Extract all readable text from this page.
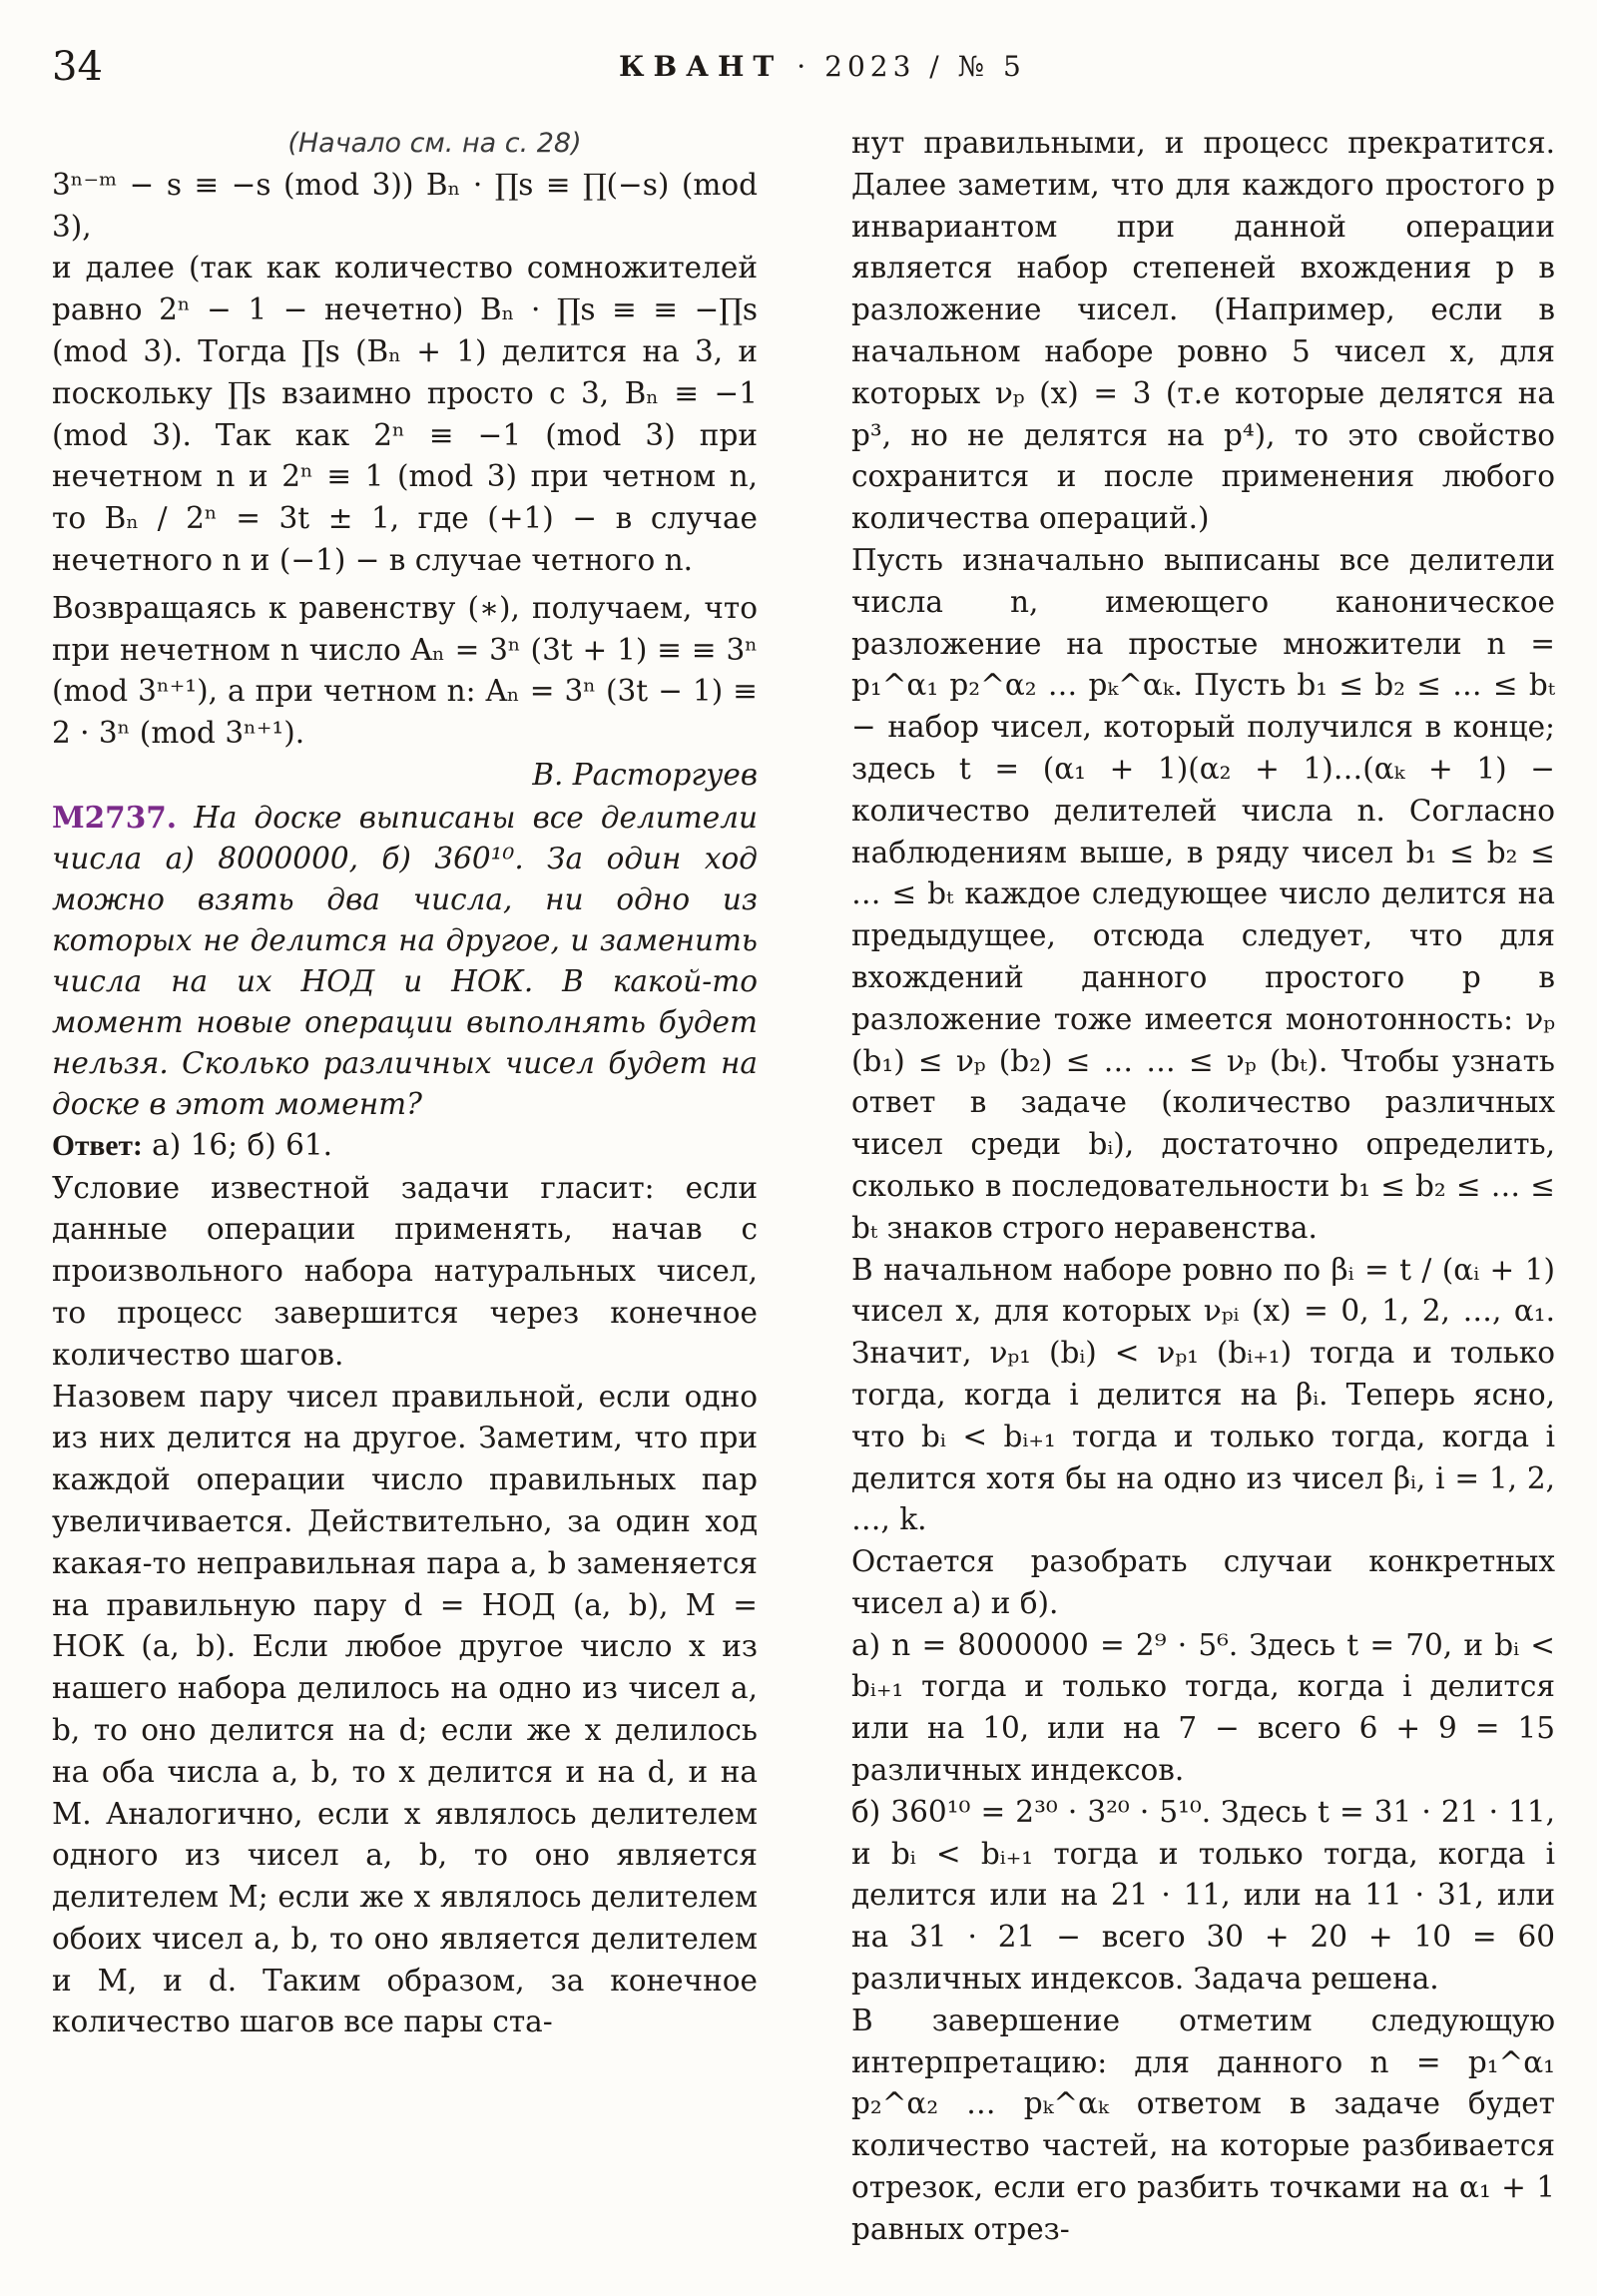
34	КВАНТ · 2023 / № 5

(Начало см. на с. 28)

3ⁿ⁻ᵐ − s ≡ −s (mod 3)) Bₙ · ∏s ≡ ∏(−s) (mod 3),

и далее (так как количество сомножителей равно 2ⁿ − 1 − нечетно) Bₙ · ∏s ≡ ≡ −∏s (mod 3). Тогда ∏s (Bₙ + 1) делится на 3, и поскольку ∏s взаимно просто с 3, Bₙ ≡ −1 (mod 3). Так как 2ⁿ ≡ −1 (mod 3) при нечетном n и 2ⁿ ≡ 1 (mod 3) при четном n, то Bₙ / 2ⁿ = 3t ± 1, где (+1) − в случае нечетного n и (−1) − в случае четного n.

Возвращаясь к равенству (∗), получаем, что при нечетном n число Aₙ = 3ⁿ (3t + 1) ≡ ≡ 3ⁿ (mod 3ⁿ⁺¹), а при четном n: Aₙ = 3ⁿ (3t − 1) ≡ 2 · 3ⁿ (mod 3ⁿ⁺¹).

В. Расторгуев

М2737. На доске выписаны все делители числа а) 8000000, б) 360¹⁰. За один ход можно взять два числа, ни одно из которых не делится на другое, и заменить числа на их НОД и НОК. В какой-то момент новые операции выполнять будет нельзя. Сколько различных чисел будет на доске в этот момент?

Ответ: а) 16; б) 61.

Условие известной задачи гласит: если данные операции применять, начав с произвольного набора натуральных чисел, то процесс завершится через конечное количество шагов.

Назовем пару чисел правильной, если одно из них делится на другое. Заметим, что при каждой операции число правильных пар увеличивается. Действительно, за один ход какая-то неправильная пара a, b заменяется на правильную пару d = НОД (a, b), M = НОК (a, b). Если любое другое число x из нашего набора делилось на одно из чисел a, b, то оно делится на d; если же x делилось на оба числа a, b, то x делится и на d, и на M. Аналогично, если x являлось делителем одного из чисел a, b, то оно является делителем M; если же x являлось делителем обоих чисел a, b, то оно является делителем и M, и d. Таким образом, за конечное количество шагов все пары ста-

нут правильными, и процесс прекратится. Далее заметим, что для каждого простого p инвариантом при данной операции является набор степеней вхождения p в разложение чисел. (Например, если в начальном наборе ровно 5 чисел x, для которых νₚ (x) = 3 (т.е которые делятся на p³, но не делятся на p⁴), то это свойство сохранится и после применения любого количества операций.)

Пусть изначально выписаны все делители числа n, имеющего каноническое разложение на простые множители n = p₁^α₁ p₂^α₂ … pₖ^αₖ. Пусть b₁ ≤ b₂ ≤ … ≤ bₜ − набор чисел, который получился в конце; здесь t = (α₁ + 1)(α₂ + 1)…(αₖ + 1) − количество делителей числа n. Согласно наблюдениям выше, в ряду чисел b₁ ≤ b₂ ≤ … ≤ bₜ каждое следующее число делится на предыдущее, отсюда следует, что для вхождений данного простого p в разложение тоже имеется монотонность: νₚ (b₁) ≤ νₚ (b₂) ≤ … … ≤ νₚ (bₜ). Чтобы узнать ответ в задаче (количество различных чисел среди bᵢ), достаточно определить, сколько в последовательности b₁ ≤ b₂ ≤ … ≤ bₜ знаков строго неравенства.

В начальном наборе ровно по βᵢ = t / (αᵢ + 1) чисел x, для которых νₚᵢ (x) = 0, 1, 2, …, α₁. Значит, νₚ₁ (bᵢ) < νₚ₁ (bᵢ₊₁) тогда и только тогда, когда i делится на βᵢ. Теперь ясно, что bᵢ < bᵢ₊₁ тогда и только тогда, когда i делится хотя бы на одно из чисел βᵢ, i = 1, 2, …, k.

Остается разобрать случаи конкретных чисел а) и б).

а) n = 8000000 = 2⁹ · 5⁶. Здесь t = 70, и bᵢ < bᵢ₊₁ тогда и только тогда, когда i делится или на 10, или на 7 − всего 6 + 9 = 15 различных индексов.

б) 360¹⁰ = 2³⁰ · 3²⁰ · 5¹⁰. Здесь t = 31 · 21 · 11, и bᵢ < bᵢ₊₁ тогда и только тогда, когда i делится или на 21 · 11, или на 11 · 31, или на 31 · 21 − всего 30 + 20 + 10 = 60 различных индексов. Задача решена.

В завершение отметим следующую интерпретацию: для данного n = p₁^α₁ p₂^α₂ … pₖ^αₖ ответом в задаче будет количество частей, на которые разбивается отрезок, если его разбить точками на α₁ + 1 равных отрез-
